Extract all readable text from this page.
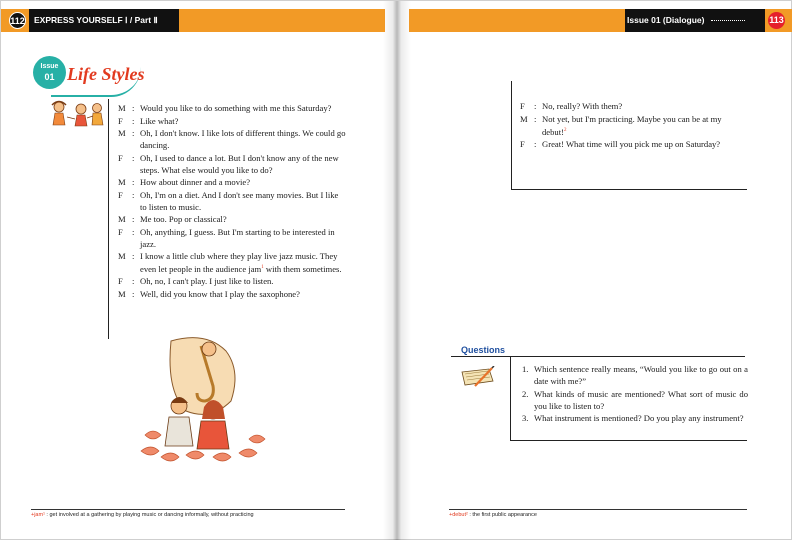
112 EXPRESS YOURSELF Ⅰ / Part Ⅱ
Issue
01 Life Styles
M : Would you like to do something with me this Saturday?
F	: Like what?
M : Oh, I don't know. I like lots of different things. We could go dancing.
F	: Oh, I used to dance a lot. But I don't know any of the new steps. What else would you like to do?
M : How about dinner and a movie?
F	: Oh, I'm on a diet. And I don't see many movies. But I like to listen to music.
M : Me too. Pop or classical?
F	: Oh, anything, I guess. But I'm starting to be interested in jazz.
M : I know a little club where they play live jazz music. They even let people in the audience jam$^1$ with them sometimes.
F	: Oh, no, I can't play. I just like to listen.
M : Well, did you know that I play the saxophone?
+jam¹ : get involved at a gathering by playing music or dancing informally, without practicing
Issue 01 (Dialogue)	113
F	: No, really? With them?
M : Not yet, but I'm practicing. Maybe you can be at my debut!$^2$
F	: Great! What time will you pick me up on Saturday?
Questions
1. Which sentence really means, “Would you like to go out on a date with me?”
2. What kinds of music are mentioned? What sort of music do you like to listen to?
3. What instrument is mentioned? Do you play any instrument?
+debut² : the first public appearance
